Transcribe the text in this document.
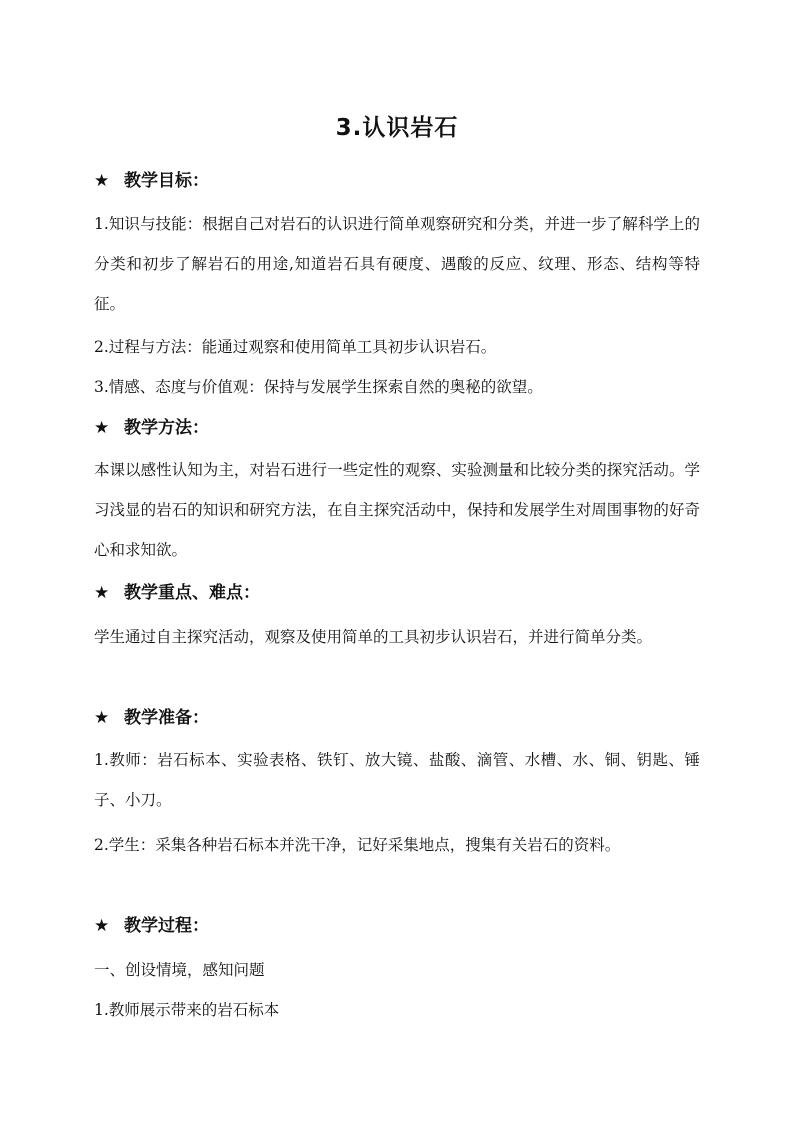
3.认识岩石
★ 教学目标：
1.知识与技能：根据自己对岩石的认识进行简单观察研究和分类，并进一步了解科学上的分类和初步了解岩石的用途,知道岩石具有硬度、遇酸的反应、纹理、形态、结构等特征。
2.过程与方法：能通过观察和使用简单工具初步认识岩石。
3.情感、态度与价值观：保持与发展学生探索自然的奥秘的欲望。
★ 教学方法：
本课以感性认知为主，对岩石进行一些定性的观察、实验测量和比较分类的探究活动。学习浅显的岩石的知识和研究方法，在自主探究活动中，保持和发展学生对周围事物的好奇心和求知欲。
★ 教学重点、难点：
学生通过自主探究活动，观察及使用简单的工具初步认识岩石，并进行简单分类。
★ 教学准备：
1.教师：岩石标本、实验表格、铁钉、放大镜、盐酸、滴管、水槽、水、铜、钥匙、锤子、小刀。
2.学生：采集各种岩石标本并洗干净，记好采集地点，搜集有关岩石的资料。
★ 教学过程：
一、创设情境，感知问题
1.教师展示带来的岩石标本
